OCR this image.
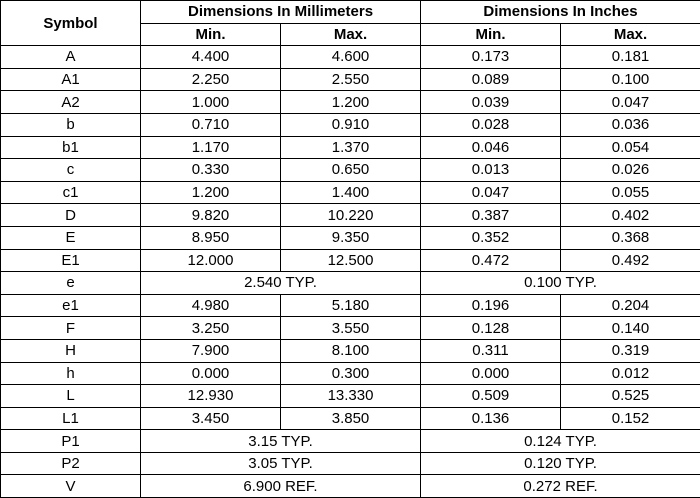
Symbol	Dimensions In Millimeters		Dimensions In Inches	
	Min.	Max.	Min.	Max.
A	4.400	4.600	0.173	0.181
A1	2.250	2.550	0.089	0.100
A2	1.000	1.200	0.039	0.047
b	0.710	0.910	0.028	0.036
b1	1.170	1.370	0.046	0.054
c	0.330	0.650	0.013	0.026
c1	1.200	1.400	0.047	0.055
D	9.820	10.220	0.387	0.402
E	8.950	9.350	0.352	0.368
E1	12.000	12.500	0.472	0.492
e	2.540 TYP.		0.100 TYP.	
e1	4.980	5.180	0.196	0.204
F	3.250	3.550	0.128	0.140
H	7.900	8.100	0.311	0.319
h	0.000	0.300	0.000	0.012
L	12.930	13.330	0.509	0.525
L1	3.450	3.850	0.136	0.152
P1	3.15 TYP.		0.124 TYP.	
P2	3.05 TYP.		0.120 TYP.	
V	6.900 REF.		0.272 REF.	
